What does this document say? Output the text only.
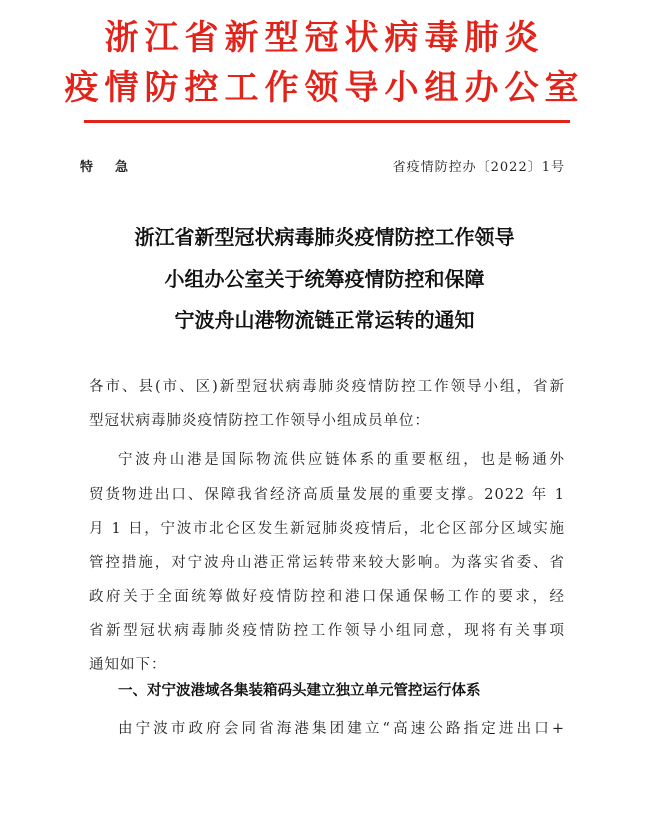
浙江省新型冠状病毒肺炎
疫情防控工作领导小组办公室
特急	省疫情防控办〔2022〕1号
浙江省新型冠状病毒肺炎疫情防控工作领导
小组办公室关于统筹疫情防控和保障
宁波舟山港物流链正常运转的通知
各市、县(市、区)新型冠状病毒肺炎疫情防控工作领导小组，省新
型冠状病毒肺炎疫情防控工作领导小组成员单位：
宁波舟山港是国际物流供应链体系的重要枢纽，也是畅通外
贸货物进出口、保障我省经济高质量发展的重要支撑。2022 年 1
月 1 日，宁波市北仑区发生新冠肺炎疫情后，北仑区部分区域实施
管控措施，对宁波舟山港正常运转带来较大影响。为落实省委、省
政府关于全面统筹做好疫情防控和港口保通保畅工作的要求，经
省新型冠状病毒肺炎疫情防控工作领导小组同意，现将有关事项
通知如下：
一、对宁波港域各集装箱码头建立独立单元管控运行体系
由宁波市政府会同省海港集团建立“高速公路指定进出口+
